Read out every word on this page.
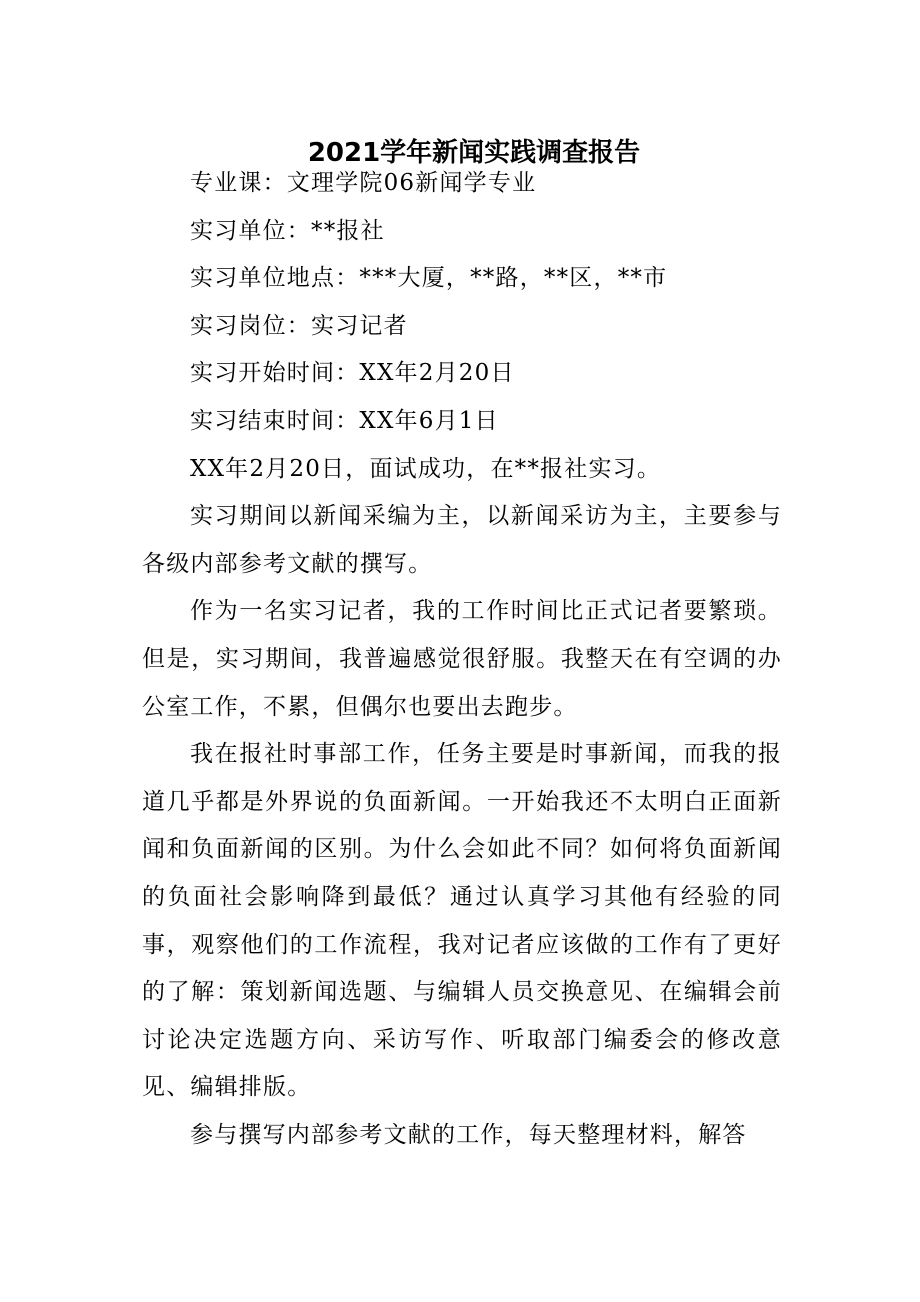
2021学年新闻实践调查报告

专业课：文理学院06新闻学专业

实习单位：**报社

实习单位地点：***大厦，**路，**区，**市

实习岗位：实习记者

实习开始时间：XX年2月20日

实习结束时间：XX年6月1日

XX年2月20日，面试成功，在**报社实习。

实习期间以新闻采编为主，以新闻采访为主，主要参与各级内部参考文献的撰写。

作为一名实习记者，我的工作时间比正式记者要繁琐。但是，实习期间，我普遍感觉很舒服。我整天在有空调的办公室工作，不累，但偶尔也要出去跑步。

我在报社时事部工作，任务主要是时事新闻，而我的报道几乎都是外界说的负面新闻。一开始我还不太明白正面新闻和负面新闻的区别。为什么会如此不同？如何将负面新闻的负面社会影响降到最低？通过认真学习其他有经验的同事，观察他们的工作流程，我对记者应该做的工作有了更好的了解：策划新闻选题、与编辑人员交换意见、在编辑会前讨论决定选题方向、采访写作、听取部门编委会的修改意见、编辑排版。

参与撰写内部参考文献的工作，每天整理材料，解答
